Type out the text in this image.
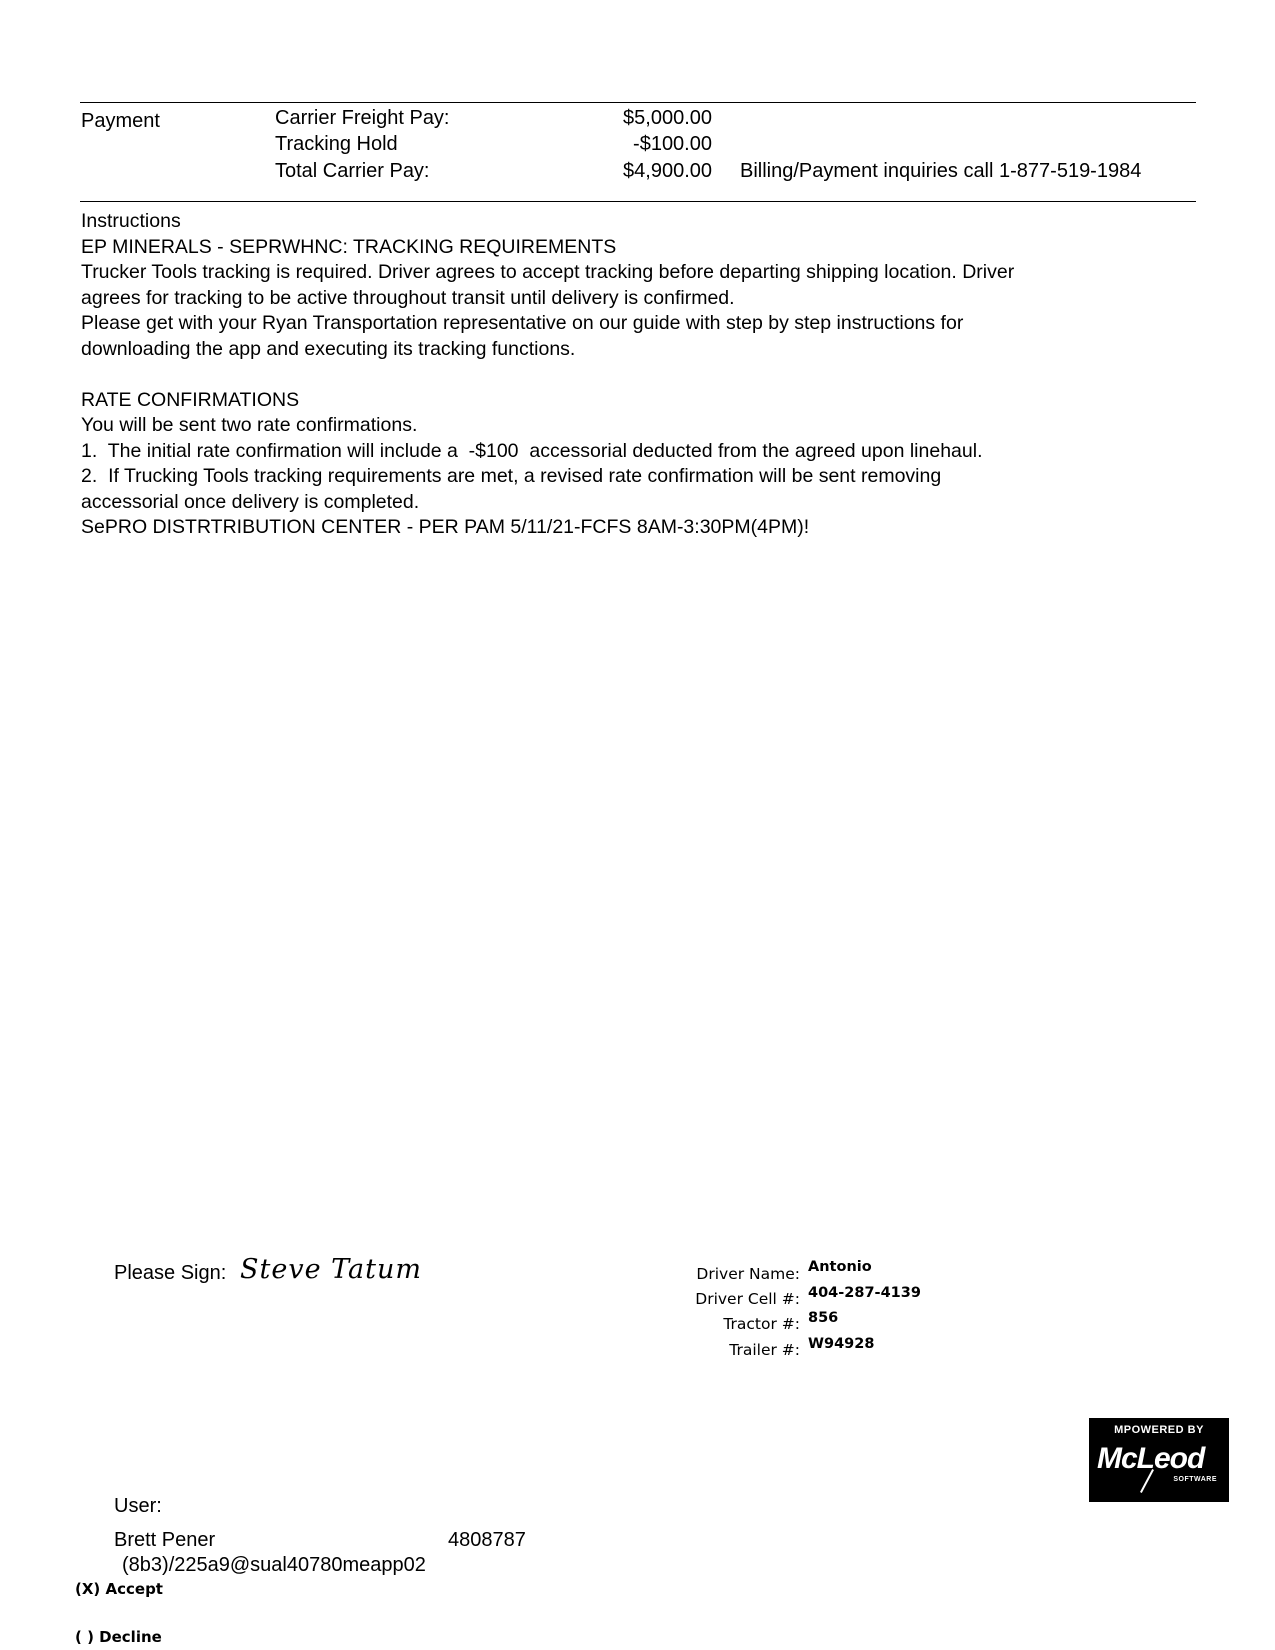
Payment	Carrier Freight Pay:	$5,000.00
Tracking Hold	-$100.00
Total Carrier Pay:	$4,900.00 Billing/Payment inquiries call 1-877-519-1984

Instructions

EP MINERALS - SEPRWHNC: TRACKING REQUIREMENTS

Trucker Tools tracking is required. Driver agrees to accept tracking before departing shipping location. Driver

agrees for tracking to be active throughout transit until delivery is confirmed.

Please get with your Ryan Transportation representative on our guide with step by step instructions for

downloading the app and executing its tracking functions.

RATE CONFIRMATIONS

You will be sent two rate confirmations.

1.  The initial rate confirmation will include a  -$100  accessorial deducted from the agreed upon linehaul.

2.  If Trucking Tools tracking requirements are met, a revised rate confirmation will be sent removing

accessorial once delivery is completed.

SePRO DISTRTRIBUTION CENTER - PER PAM 5/11/21-FCFS 8AM-3:30PM(4PM)!

Please Sign: Steve Tatum	Driver Name: Antonio
Driver Cell #: 404-287-4139
Tractor #: 856
Trailer #: W94928
MPOWERED BY
McLeod
SOFTWARE
User:
Brett Pener	4808787
(8b3)/225a9@sual40780meapp02
(X) Accept
( ) Decline
